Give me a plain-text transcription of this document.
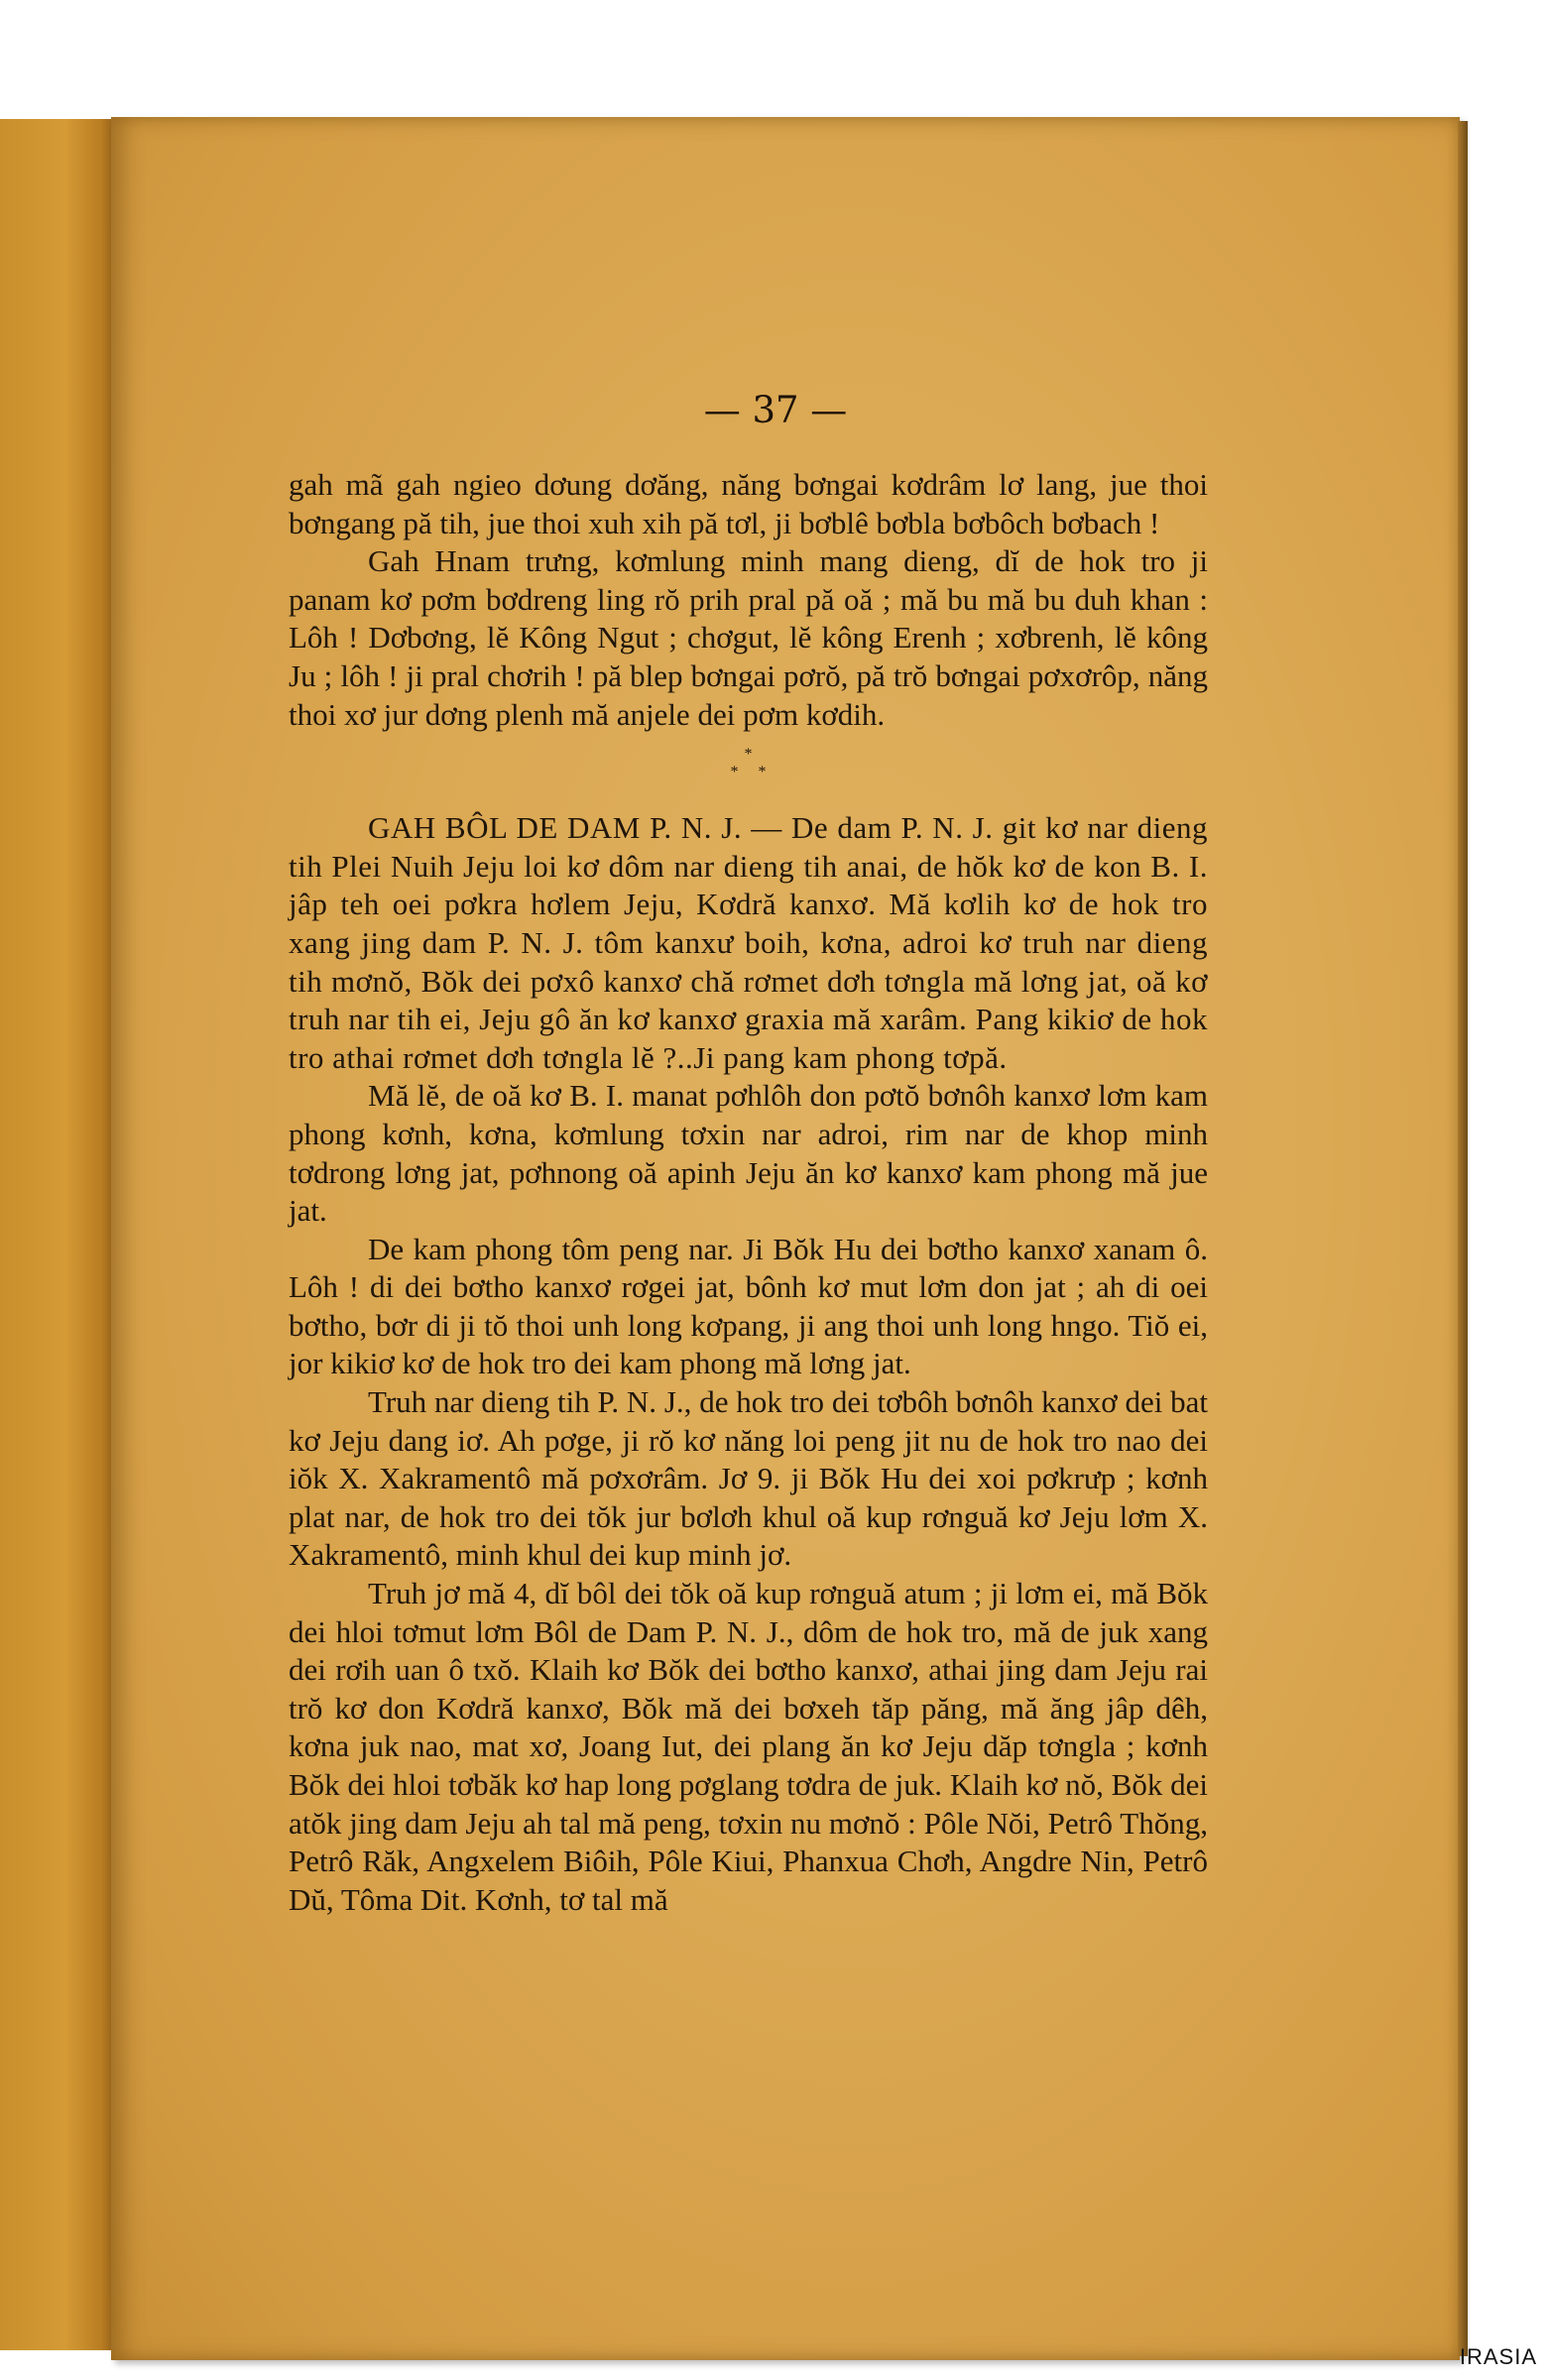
— 37 —

gah mã gah ngieo dơung dơăng, năng bơngai kơdrâm lơ lang, jue thoi bơngang pă tih, jue thoi xuh xih pă tơl, ji bơblê bơbla bơbôch bơbach !

Gah Hnam trưng, kơmlung minh mang dieng, dĭ de hok tro ji panam kơ pơm bơdreng ling rŏ prih pral pă oă ; mă bu mă bu duh khan : Lôh ! Dơbơng, lĕ Kông Ngut ; chơgut, lĕ kông Erenh ; xơbrenh, lĕ kông Ju ; lôh ! ji pral chơrih ! pă blep bơngai pơrŏ, pă trŏ bơngai pơxơrôp, năng thoi xơ jur dơng plenh mă anjele dei pơm kơdih.

*
**

GAH BÔL DE DAM P. N. J. — De dam P. N. J. git kơ nar dieng tih Plei Nuih Jeju loi kơ dôm nar dieng tih anai, de hŏk kơ de kon B. I. jâp teh oei pơkra hơlem Jeju, Kơdră kanxơ. Mă kơlih kơ de hok tro xang jing dam P. N. J. tôm kanxư boih, kơna, adroi kơ truh nar dieng tih mơnŏ, Bŏk dei pơxô kanxơ chă rơmet dơh tơngla mă lơng jat, oă kơ truh nar tih ei, Jeju gô ăn kơ kanxơ graxia mă xarâm. Pang kikiơ de hok tro athai rơmet dơh tơngla lĕ ?..Ji pang kam phong tơpă.

Mă lĕ, de oă kơ B. I. manat pơhlôh don pơtŏ bơnôh kanxơ lơm kam phong kơnh, kơna, kơmlung tơxin nar adroi, rim nar de khop minh tơdrong lơng jat, pơhnong oă apinh Jeju ăn kơ kanxơ kam phong mă jue jat.

De kam phong tôm peng nar. Ji Bŏk Hu dei bơtho kanxơ xanam ô. Lôh ! di dei bơtho kanxơ rơgei jat, bônh kơ mut lơm don jat ; ah di oei bơtho, bơr di ji tŏ thoi unh long kơpang, ji ang thoi unh long hngo. Tiŏ ei, jor kikiơ kơ de hok tro dei kam phong mă lơng jat.

Truh nar dieng tih P. N. J., de hok tro dei tơbôh bơnôh kanxơ dei bat kơ Jeju dang iơ. Ah pơge, ji rŏ kơ năng loi peng jit nu de hok tro nao dei iŏk X. Xakramentô mă pơxơrâm. Jơ 9. ji Bŏk Hu dei xoi pơkrưp ; kơnh plat nar, de hok tro dei tŏk jur bơlơh khul oă kup rơnguă kơ Jeju lơm X. Xakramentô, minh khul dei kup minh jơ.

Truh jơ mă 4, dĭ bôl dei tŏk oă kup rơnguă atum ; ji lơm ei, mă Bŏk dei hloi tơmut lơm Bôl de Dam P. N. J., dôm de hok tro, mă de juk xang dei rơih uan ô txŏ. Klaih kơ Bŏk dei bơtho kanxơ, athai jing dam Jeju rai trŏ kơ don Kơdră kanxơ, Bŏk mă dei bơxeh tăp păng, mă ăng jâp dêh, kơna juk nao, mat xơ, Joang Iut, dei plang ăn kơ Jeju dăp tơngla ; kơnh Bŏk dei hloi tơbăk kơ hap long pơglang tơdra de juk. Klaih kơ nŏ, Bŏk dei atŏk jing dam Jeju ah tal mă peng, tơxin nu mơnŏ : Pôle Nŏi, Petrô Thŏng, Petrô Răk, Angxelem Biôih, Pôle Kiui, Phanxua Chơh, Angdre Nin, Petrô Dŭ, Tôma Dit. Kơnh, tơ tal mă

IRASIA
